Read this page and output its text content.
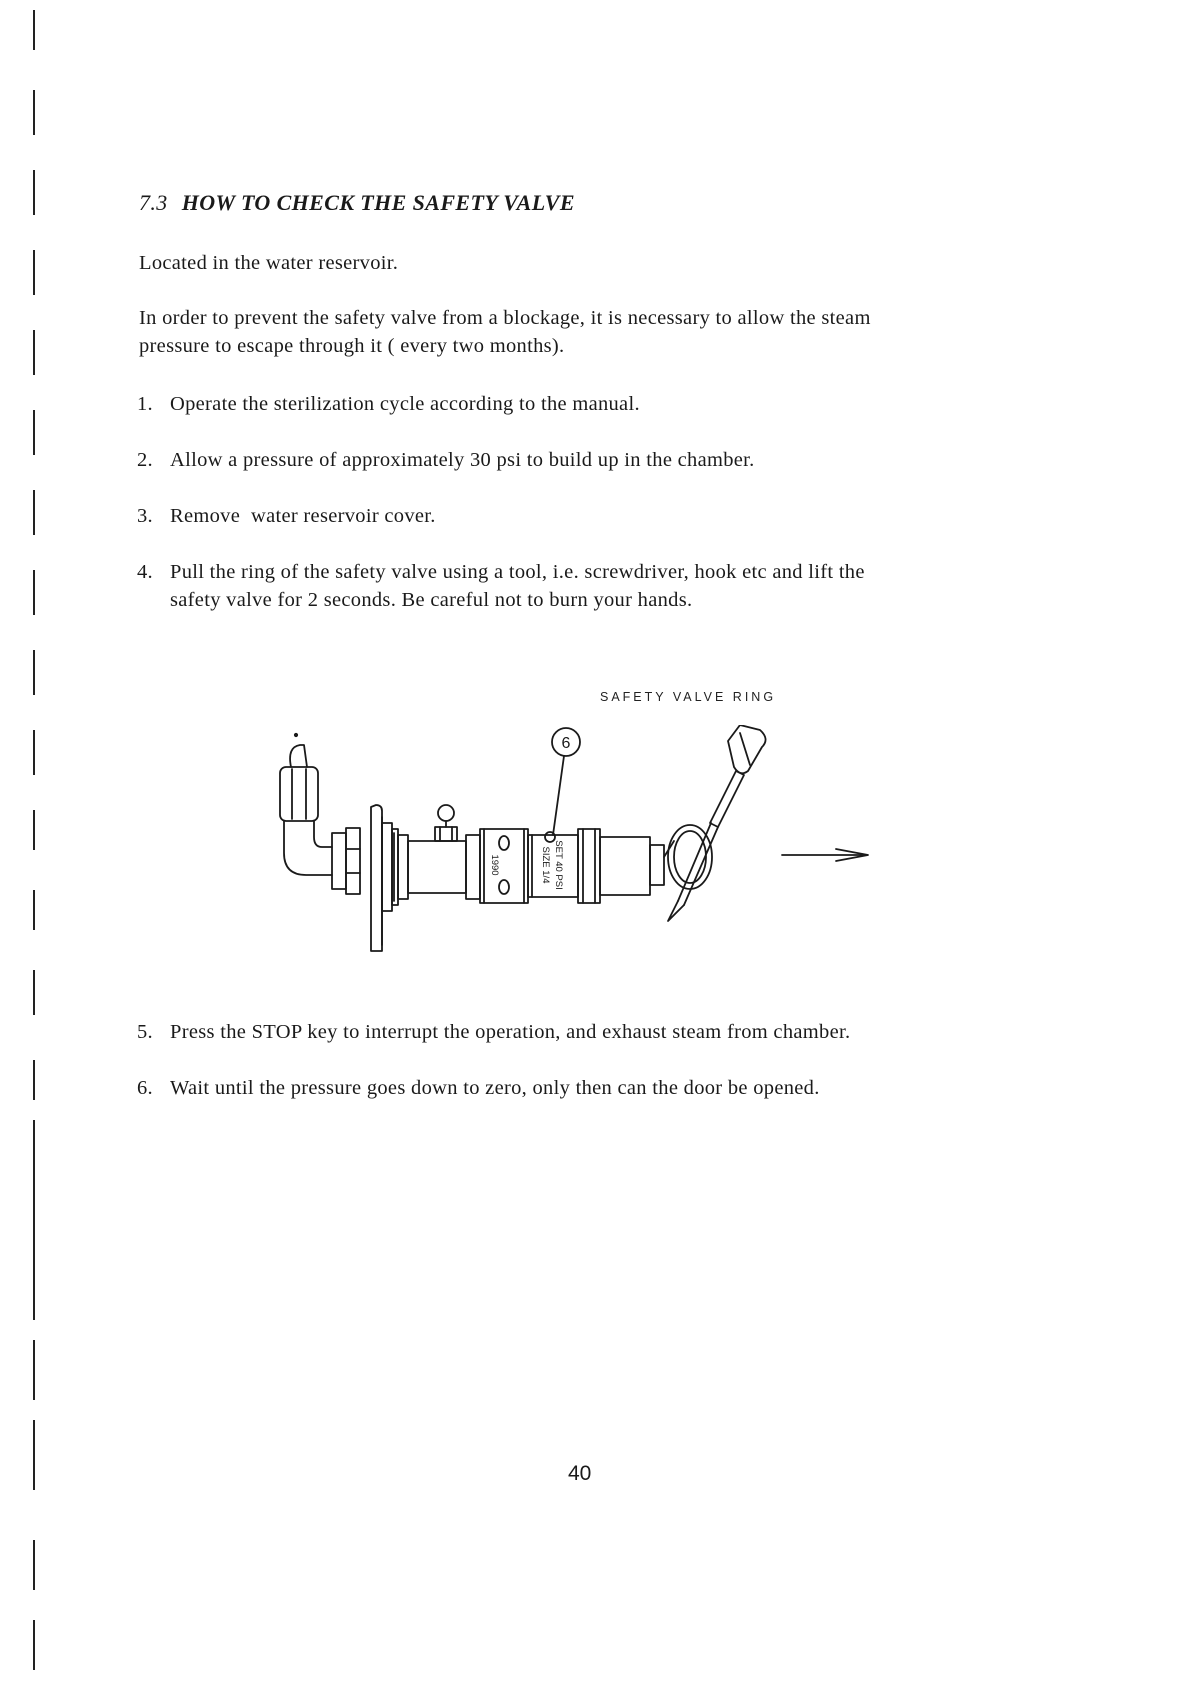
7.3 HOW TO CHECK THE SAFETY VALVE

Located in the water reservoir.

In order to prevent the safety valve from a blockage, it is necessary to allow the steam
pressure to escape through it ( every two months).

1. Operate the sterilization cycle according to the manual.
2. Allow a pressure of approximately 30 psi to build up in the chamber.
3. Remove  water reservoir cover.
4. Pull the ring of the safety valve using a tool, i.e. screwdriver, hook etc and lift the
safety valve for 2 seconds. Be careful not to burn your hands.
SAFETY VALVE RING
1990	SIZE 1/4 SET 40 PSI
6
5. Press the STOP key to interrupt the operation, and exhaust steam from chamber.
6. Wait until the pressure goes down to zero, only then can the door be opened.
40
